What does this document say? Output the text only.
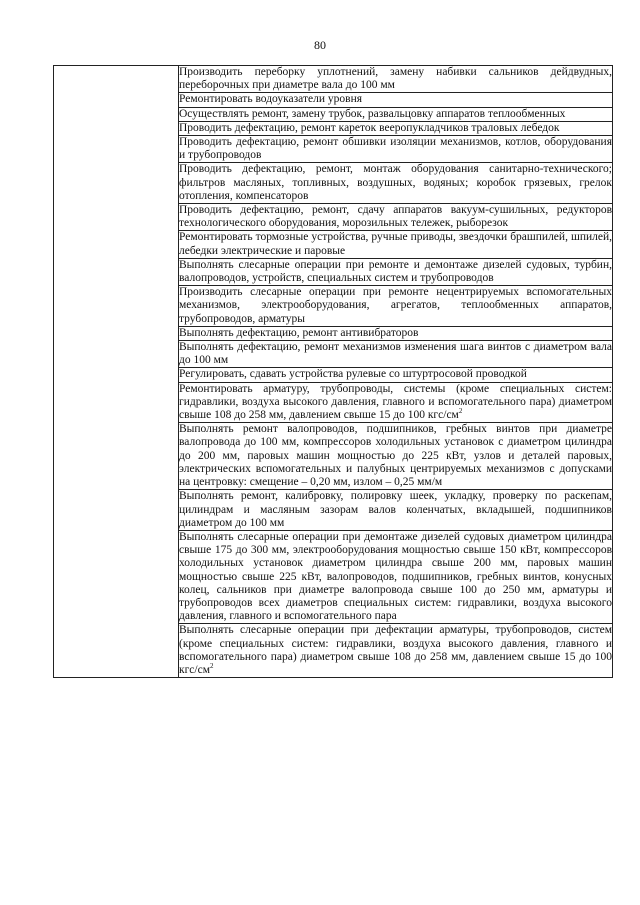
80
	Производить переборку уплотнений, замену набивки сальников дейдвудных, переборочных при диаметре вала до 100 мм
Ремонтировать водоуказатели уровня
Осуществлять ремонт, замену трубок, развальцовку аппаратов теплообменных
Проводить дефектацию, ремонт кареток вееропукладчиков траловых лебедок
Проводить дефектацию, ремонт обшивки изоляции механизмов, котлов, оборудования и трубопроводов
Проводить дефектацию, ремонт, монтаж оборудования санитарно-технического; фильтров масляных, топливных, воздушных, водяных; коробок грязевых, грелок отопления, компенсаторов
Проводить дефектацию, ремонт, сдачу аппаратов вакуум-сушильных, редукторов технологического оборудования, морозильных тележек, рыборезок
Ремонтировать тормозные устройства, ручные приводы, звездочки брашпилей, шпилей, лебедки электрические и паровые
Выполнять слесарные операции при ремонте и демонтаже дизелей судовых, турбин, валопроводов, устройств, специальных систем и трубопроводов
Производить слесарные операции при ремонте нецентрируемых вспомогательных механизмов, электрооборудования, агрегатов, теплообменных аппаратов, трубопроводов, арматуры
Выполнять дефектацию, ремонт антивибраторов
Выполнять дефектацию, ремонт механизмов изменения шага винтов с диаметром вала до 100 мм
Регулировать, сдавать устройства рулевые со штуртросовой проводкой
Ремонтировать арматуру, трубопроводы, системы (кроме специальных систем: гидравлики, воздуха высокого давления, главного и вспомогательного пара) диаметром свыше 108 до 258 мм, давлением свыше 15 до 100 кгс/$см^2$
Выполнять ремонт валопроводов, подшипников, гребных винтов при диаметре валопровода до 100 мм, компрессоров холодильных установок с диаметром цилиндра до 200 мм, паровых машин мощностью до 225 кВт, узлов и деталей паровых, электрических вспомогательных и палубных центрируемых механизмов с допусками на центровку: смещение – 0,20 мм, излом – 0,25 мм/м
Выполнять ремонт, калибровку, полировку шеек, укладку, проверку по раскепам, цилиндрам и масляным зазорам валов коленчатых, вкладышей, подшипников диаметром до 100 мм
Выполнять слесарные операции при демонтаже дизелей судовых диаметром цилиндра свыше 175 до 300 мм, электрооборудования мощностью свыше 150 кВт, компрессоров холодильных установок диаметром цилиндра свыше 200 мм, паровых машин мощностью свыше 225 кВт, валопроводов, подшипников, гребных винтов, конусных колец, сальников при диаметре валопровода свыше 100 до 250 мм, арматуры и трубопроводов всех диаметров специальных систем: гидравлики, воздуха высокого давления, главного и вспомогательного пара
Выполнять слесарные операции при дефектации арматуры, трубопроводов, систем (кроме специальных систем: гидравлики, воздуха высокого давления, главного и вспомогательного пара) диаметром свыше 108 до 258 мм, давлением свыше 15 до 100 кгс/$см^2$
